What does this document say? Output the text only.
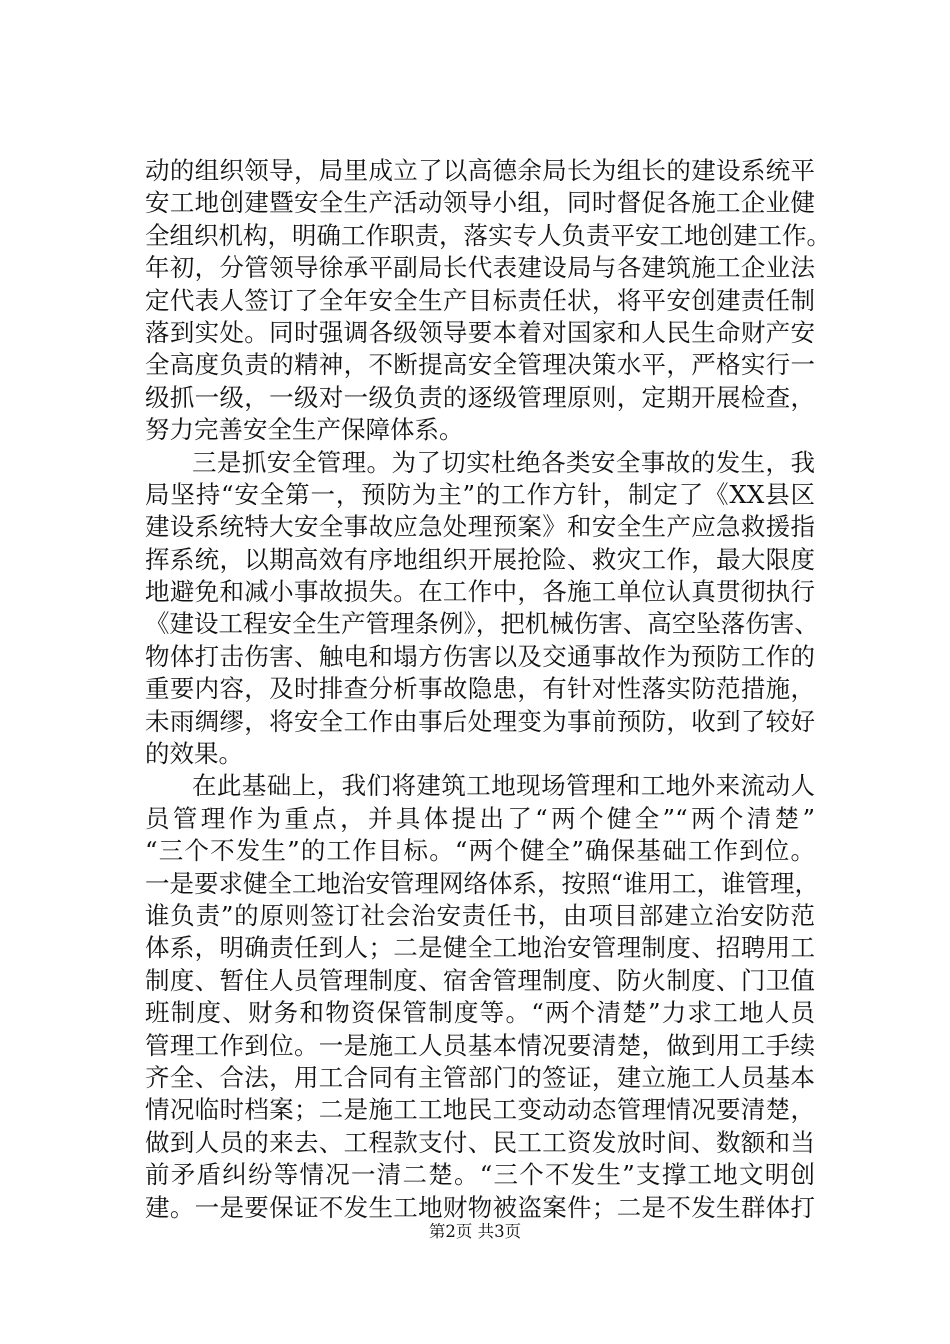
动的组织领导，局里成立了以高德余局长为组长的建设系统平
安工地创建暨安全生产活动领导小组，同时督促各施工企业健
全组织机构，明确工作职责，落实专人负责平安工地创建工作。
年初，分管领导徐承平副局长代表建设局与各建筑施工企业法
定代表人签订了全年安全生产目标责任状，将平安创建责任制
落到实处。同时强调各级领导要本着对国家和人民生命财产安
全高度负责的精神，不断提高安全管理决策水平，严格实行一
级抓一级，一级对一级负责的逐级管理原则，定期开展检查，
努力完善安全生产保障体系。
三是抓安全管理。为了切实杜绝各类安全事故的发生，我
局坚持“安全第一，预防为主”的工作方针，制定了《XX县区
建设系统特大安全事故应急处理预案》和安全生产应急救援指
挥系统，以期高效有序地组织开展抢险、救灾工作，最大限度
地避免和减小事故损失。在工作中，各施工单位认真贯彻执行
《建设工程安全生产管理条例》，把机械伤害、高空坠落伤害、
物体打击伤害、触电和塌方伤害以及交通事故作为预防工作的
重要内容，及时排查分析事故隐患，有针对性落实防范措施，
未雨绸缪，将安全工作由事后处理变为事前预防，收到了较好
的效果。
在此基础上，我们将建筑工地现场管理和工地外来流动人
员管理作为重点，并具体提出了“两个健全”“两个清楚”
“三个不发生”的工作目标。“两个健全”确保基础工作到位。
一是要求健全工地治安管理网络体系，按照“谁用工，谁管理，
谁负责”的原则签订社会治安责任书，由项目部建立治安防范
体系，明确责任到人；二是健全工地治安管理制度、招聘用工
制度、暂住人员管理制度、宿舍管理制度、防火制度、门卫值
班制度、财务和物资保管制度等。“两个清楚”力求工地人员
管理工作到位。一是施工人员基本情况要清楚，做到用工手续
齐全、合法，用工合同有主管部门的签证，建立施工人员基本
情况临时档案；二是施工工地民工变动动态管理情况要清楚，
做到人员的来去、工程款支付、民工工资发放时间、数额和当
前矛盾纠纷等情况一清二楚。“三个不发生”支撑工地文明创
建。一是要保证不发生工地财物被盗案件；二是不发生群体打
第2页 共3页
